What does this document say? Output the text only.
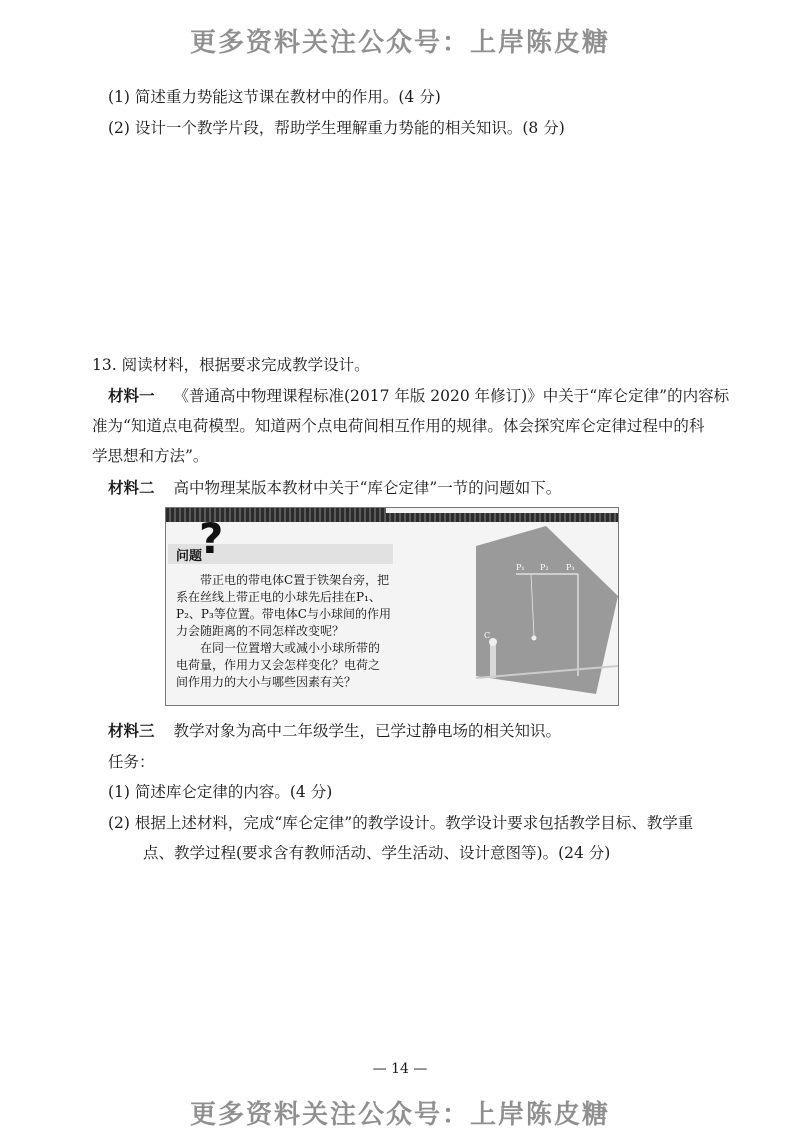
更多资料关注公众号：上岸陈皮糖
(1) 简述重力势能这节课在教材中的作用。(4 分)
(2) 设计一个教学片段，帮助学生理解重力势能的相关知识。(8 分)
13. 阅读材料，根据要求完成教学设计。
材料一 《普通高中物理课程标准(2017 年版 2020 年修订)》中关于“库仑定律”的内容标
准为“知道点电荷模型。知道两个点电荷间相互作用的规律。体会探究库仑定律过程中的科
学思想和方法”。
材料二 高中物理某版本教材中关于“库仑定律”一节的问题如下。
问题
?
带正电的带电体C置于铁架台旁，把
系在丝线上带正电的小球先后挂在P₁、
P₂、P₃等位置。带电体C与小球间的作用
力会随距离的不同怎样改变呢？
在同一位置增大或减小小球所带的
电荷量，作用力又会怎样变化？电荷之
间作用力的大小与哪些因素有关？
P₁ P₂ P₃
C
材料三 教学对象为高中二年级学生，已学过静电场的相关知识。
任务：
(1) 简述库仑定律的内容。(4 分)
(2) 根据上述材料，完成“库仑定律”的教学设计。教学设计要求包括教学目标、教学重
点、教学过程(要求含有教师活动、学生活动、设计意图等)。(24 分)
— 14 —
更多资料关注公众号：上岸陈皮糖
